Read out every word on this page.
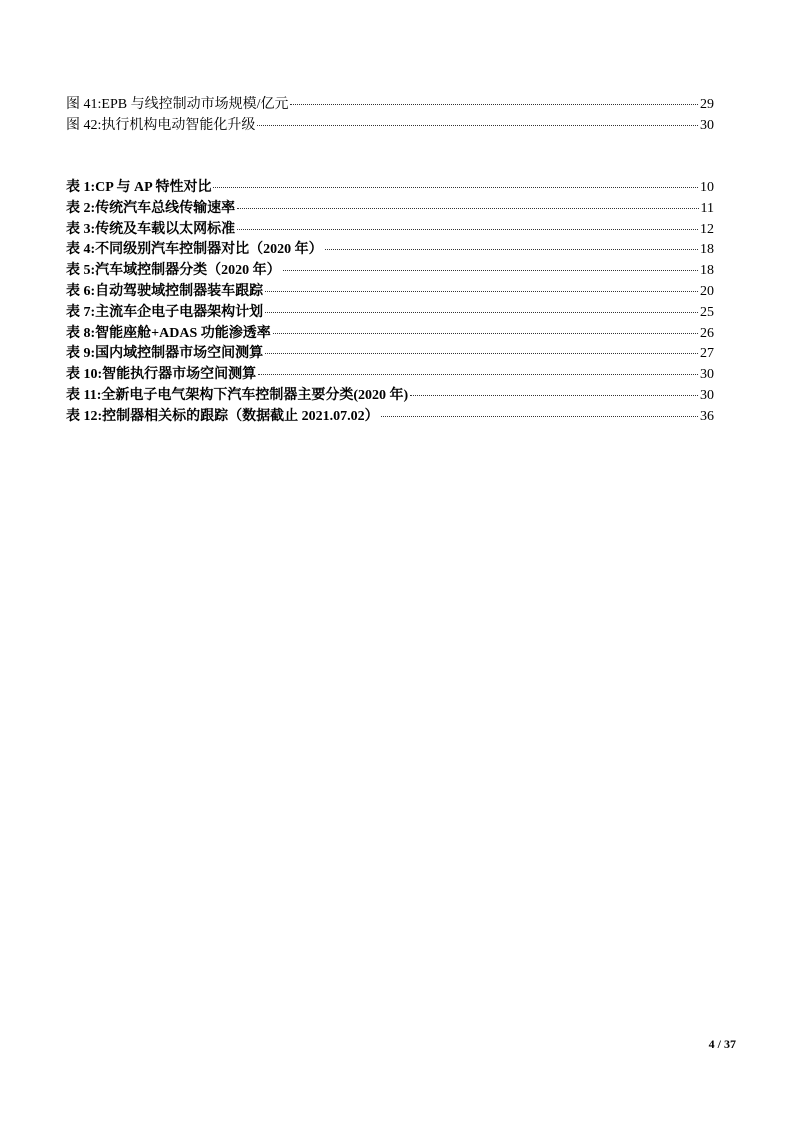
图 41: EPB 与线控制动市场规模/亿元	29
图 42: 执行机构电动智能化升级	30
表 1: CP 与 AP 特性对比	10
表 2: 传统汽车总线传输速率	11
表 3: 传统及车载以太网标准	12
表 4: 不同级别汽车控制器对比（2020 年）	18
表 5: 汽车域控制器分类（2020 年）	18
表 6: 自动驾驶域控制器装车跟踪	20
表 7: 主流车企电子电器架构计划	25
表 8: 智能座舱+ADAS 功能渗透率	26
表 9: 国内域控制器市场空间测算	27
表 10: 智能执行器市场空间测算	30
表 11: 全新电子电气架构下汽车控制器主要分类(2020 年)	30
表 12: 控制器相关标的跟踪（数据截止 2021.07.02）	36
4 / 37
